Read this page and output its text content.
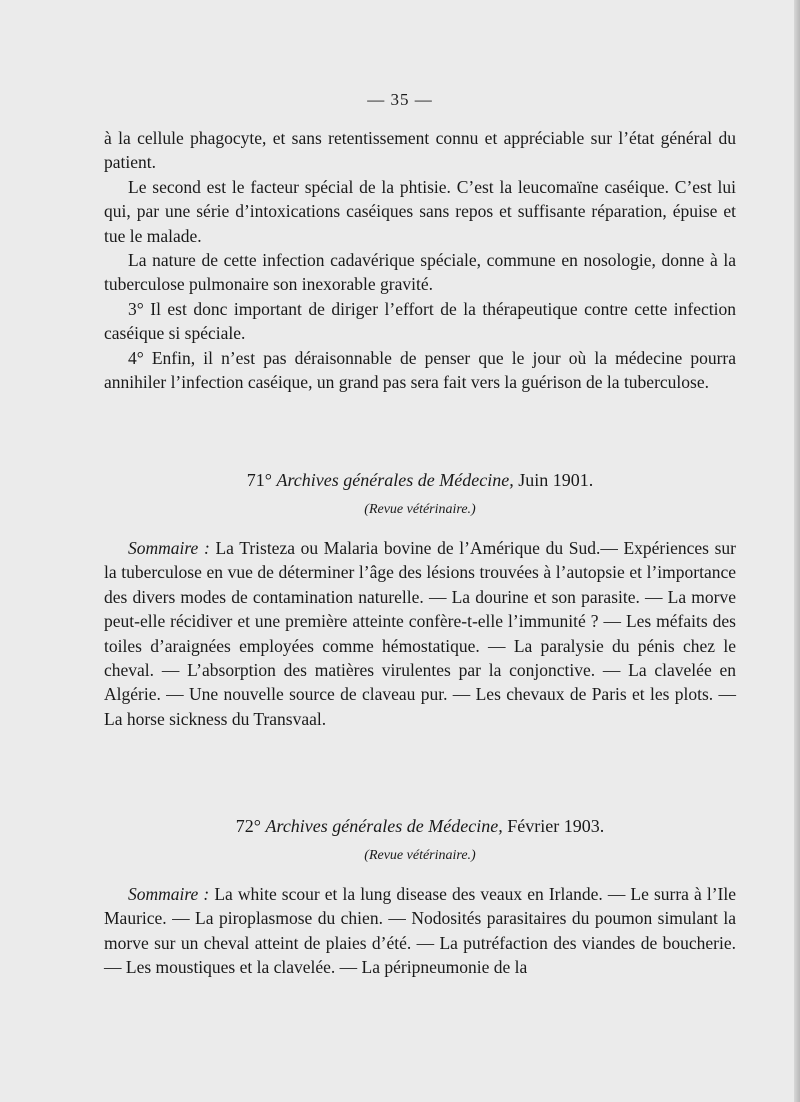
— 35 —

à la cellule phagocyte, et sans retentissement connu et appréciable sur l’état général du patient.

Le second est le facteur spécial de la phtisie. C’est la leucomaïne caséique. C’est lui qui, par une série d’intoxications caséiques sans repos et suffisante réparation, épuise et tue le malade.

La nature de cette infection cadavérique spéciale, commune en nosologie, donne à la tuberculose pulmonaire son inexorable gravité.

3° Il est donc important de diriger l’effort de la thérapeutique contre cette infection caséique si spéciale.

4° Enfin, il n’est pas déraisonnable de penser que le jour où la médecine pourra annihiler l’infection caséique, un grand pas sera fait vers la guérison de la tuberculose.

71° Archives générales de Médecine, Juin 1901.
(Revue vétérinaire.)

Sommaire : La Tristeza ou Malaria bovine de l’Amérique du Sud.— Expériences sur la tuberculose en vue de déterminer l’âge des lésions trouvées à l’autopsie et l’importance des divers modes de contamination naturelle. — La dourine et son parasite. — La morve peut-elle récidiver et une première atteinte confère-t-elle l’immunité ? — Les méfaits des toiles d’araignées employées comme hémostatique. — La paralysie du pénis chez le cheval. — L’absorption des matières virulentes par la conjonctive. — La clavelée en Algérie. — Une nouvelle source de claveau pur. — Les chevaux de Paris et les plots. — La horse sickness du Transvaal.

72° Archives générales de Médecine, Février 1903.
(Revue vétérinaire.)

Sommaire : La white scour et la lung disease des veaux en Irlande. — Le surra à l’Ile Maurice. — La piroplasmose du chien. — Nodosités parasitaires du poumon simulant la morve sur un cheval atteint de plaies d’été. — La putréfaction des viandes de boucherie. — Les moustiques et la clavelée. — La péripneumonie de la
